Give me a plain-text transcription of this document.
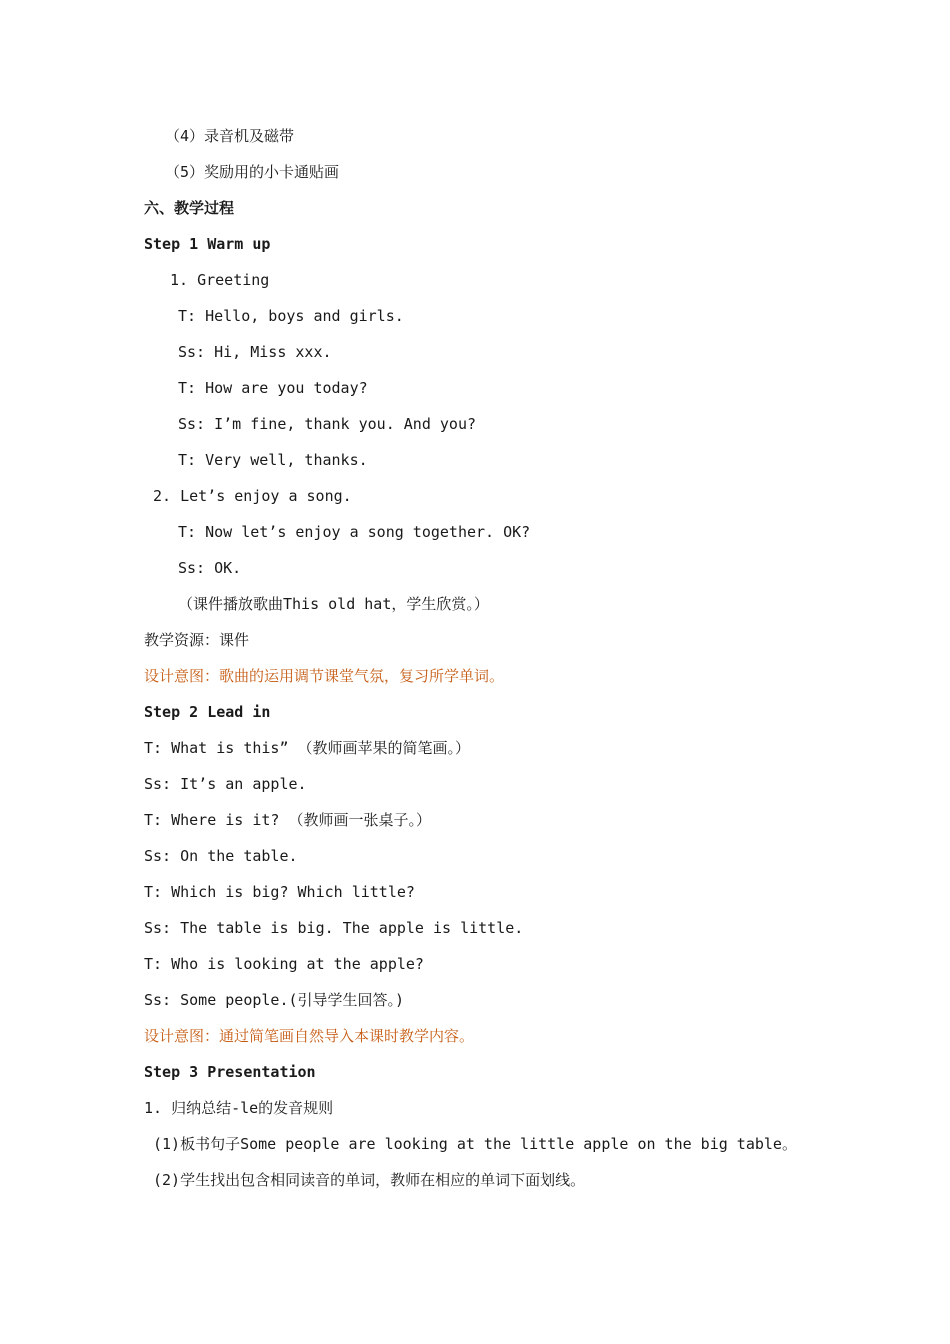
（4）录音机及磁带
（5）奖励用的小卡通贴画
六、教学过程
Step 1 Warm up
1. Greeting
T: Hello, boys and girls.
Ss: Hi, Miss xxx.
T: How are you today?
Ss: I’m fine, thank you. And you?
T: Very well, thanks.
2. Let’s enjoy a song.
T: Now let’s enjoy a song together. OK?
Ss: OK.
（课件播放歌曲This old hat，学生欣赏。）
教学资源：课件
设计意图：歌曲的运用调节课堂气氛，复习所学单词。
Step 2 Lead in
T: What is this” （教师画苹果的简笔画。）
Ss: It’s an apple.
T: Where is it? （教师画一张桌子。）
Ss: On the table.
T: Which is big? Which little?
Ss: The table is big. The apple is little.
T: Who is looking at the apple?
Ss: Some people.(引导学生回答。)
设计意图：通过简笔画自然导入本课时教学内容。
Step 3 Presentation
1. 归纳总结-le的发音规则
(1)板书句子Some people are looking at the little apple on the big table。
(2)学生找出包含相同读音的单词，教师在相应的单词下面划线。
